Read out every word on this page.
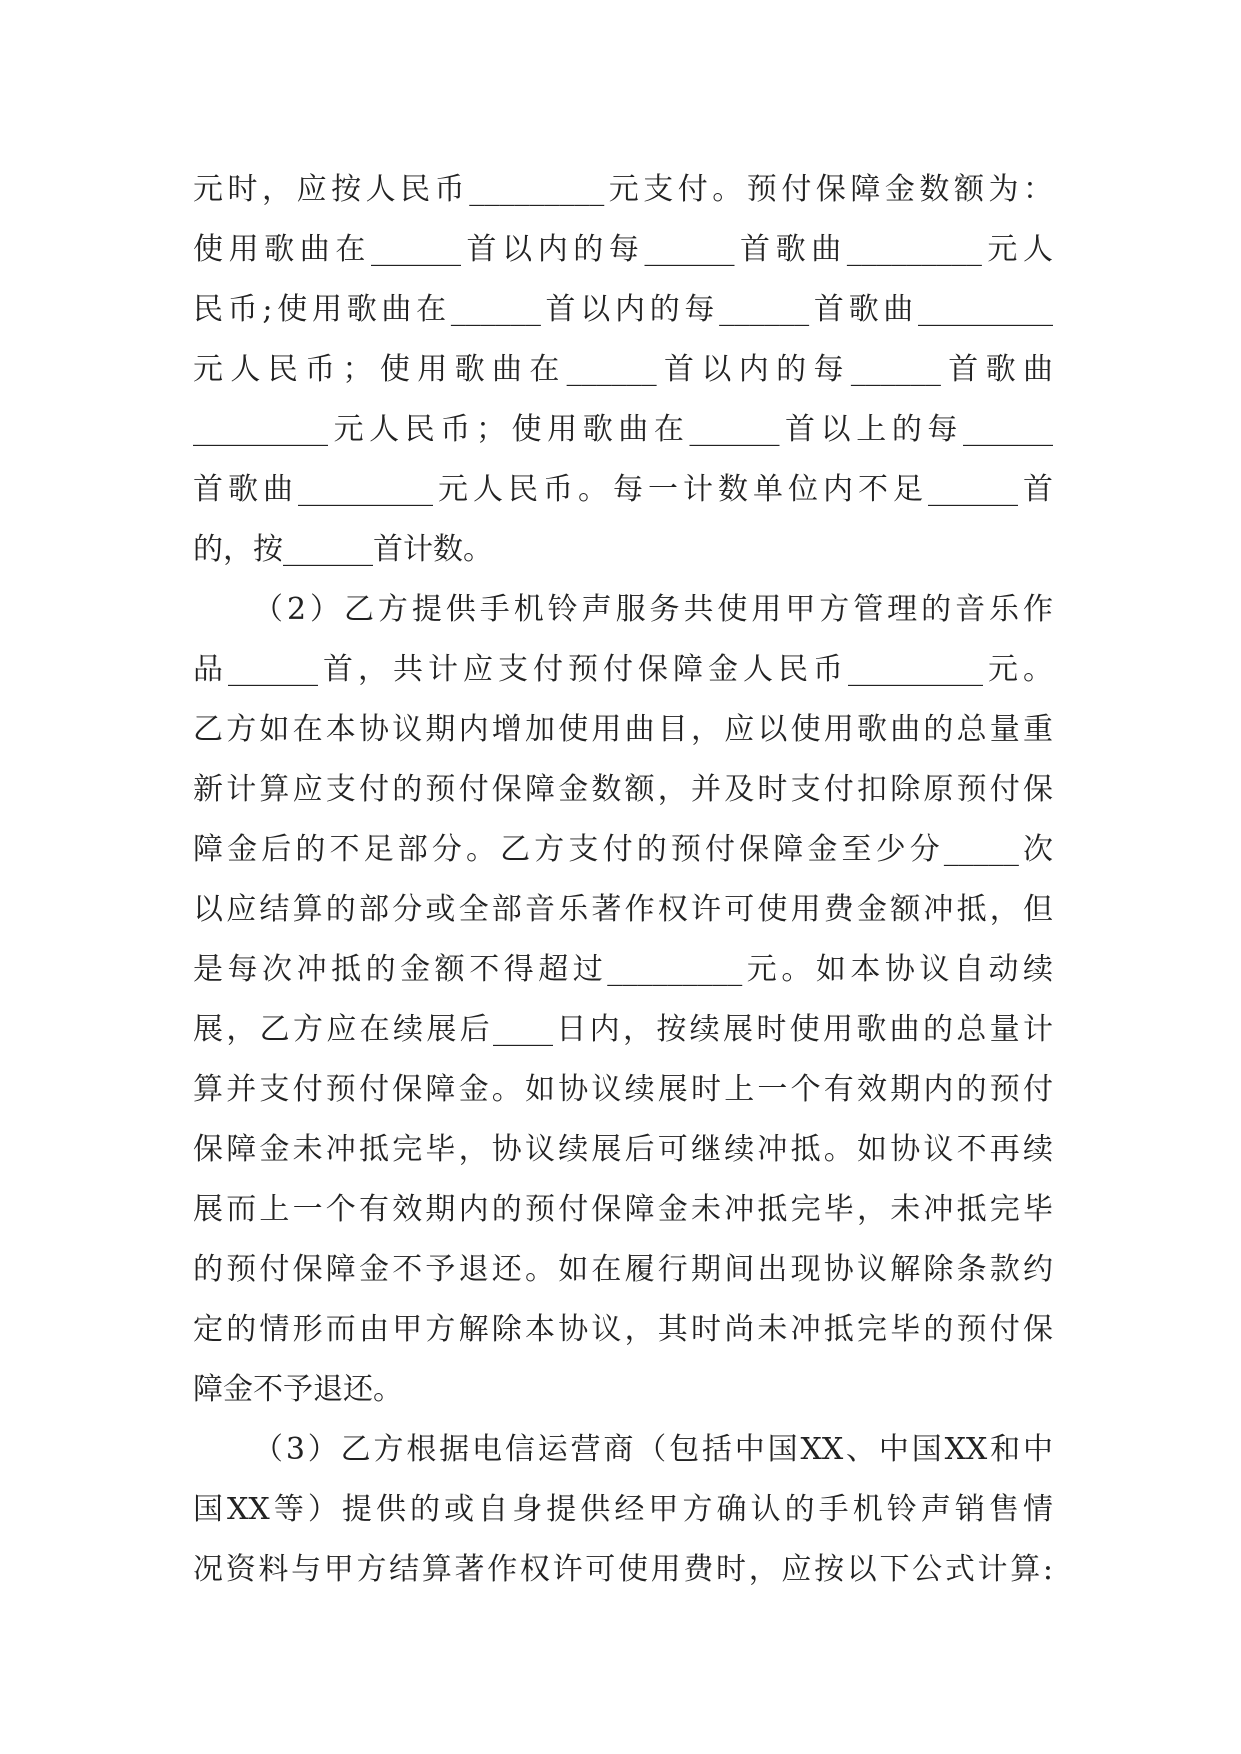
元时，应按人民币_________元支付。预付保障金数额为：
使用歌曲在______首以内的每______首歌曲_________元人
民币;使用歌曲在______首以内的每______首歌曲_________
元人民币；使用歌曲在______首以内的每______首歌曲
_________元人民币；使用歌曲在______首以上的每______
首歌曲_________元人民币。每一计数单位内不足______首
的，按______首计数。
（2）乙方提供手机铃声服务共使用甲方管理的音乐作
品______首，共计应支付预付保障金人民币_________元。
乙方如在本协议期内增加使用曲目，应以使用歌曲的总量重
新计算应支付的预付保障金数额，并及时支付扣除原预付保
障金后的不足部分。乙方支付的预付保障金至少分_____次
以应结算的部分或全部音乐著作权许可使用费金额冲抵，但
是每次冲抵的金额不得超过_________元。如本协议自动续
展，乙方应在续展后____日内，按续展时使用歌曲的总量计
算并支付预付保障金。如协议续展时上一个有效期内的预付
保障金未冲抵完毕，协议续展后可继续冲抵。如协议不再续
展而上一个有效期内的预付保障金未冲抵完毕，未冲抵完毕
的预付保障金不予退还。如在履行期间出现协议解除条款约
定的情形而由甲方解除本协议，其时尚未冲抵完毕的预付保
障金不予退还。
（3）乙方根据电信运营商（包括中国XX、中国XX和中
国XX等）提供的或自身提供经甲方确认的手机铃声销售情
况资料与甲方结算著作权许可使用费时，应按以下公式计算:
